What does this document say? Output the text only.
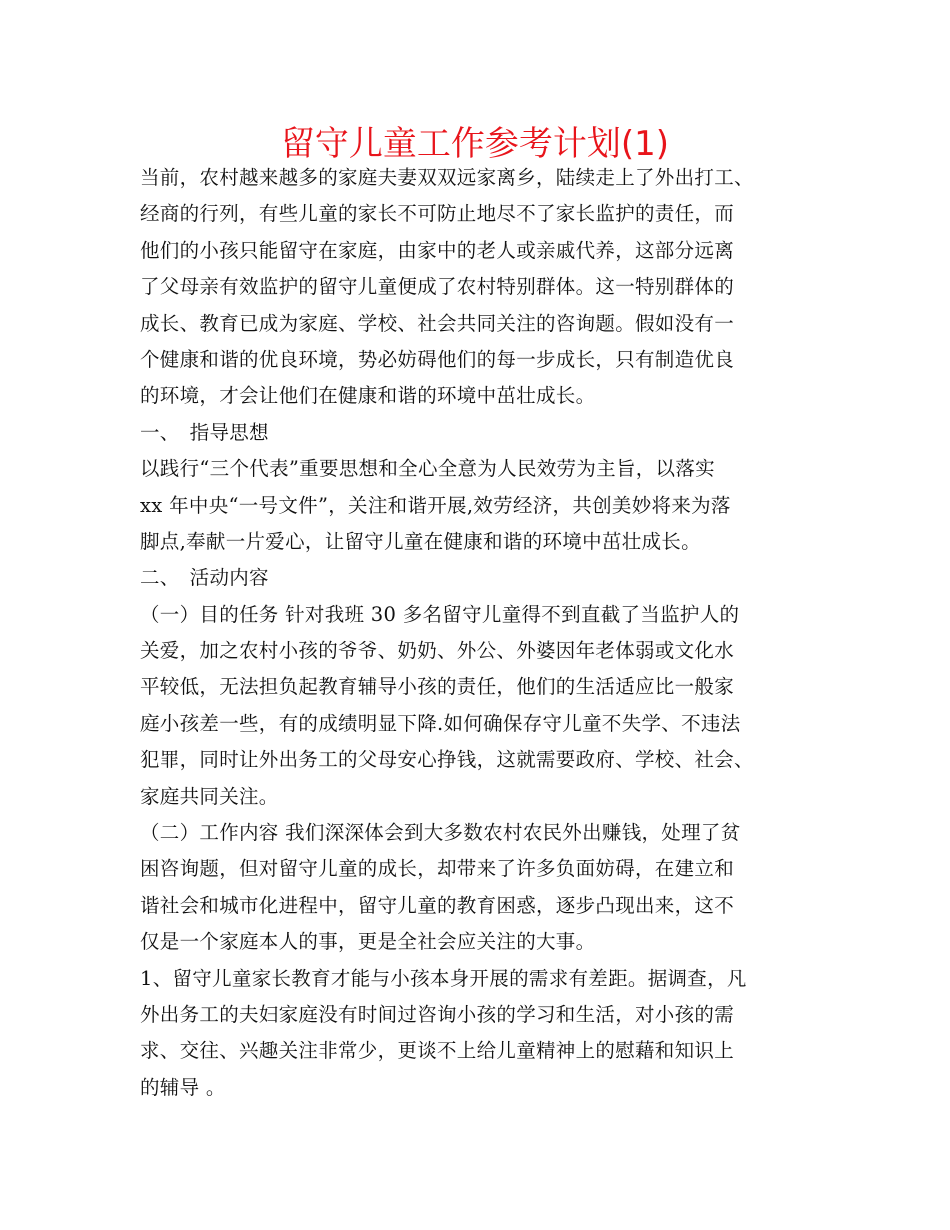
留守儿童工作参考计划(1)
当前，农村越来越多的家庭夫妻双双远家离乡，陆续走上了外出打工、
经商的行列，有些儿童的家长不可防止地尽不了家长监护的责任，而
他们的小孩只能留守在家庭，由家中的老人或亲戚代养，这部分远离
了父母亲有效监护的留守儿童便成了农村特别群体。这一特别群体的
成长、教育已成为家庭、学校、社会共同关注的咨询题。假如没有一
个健康和谐的优良环境，势必妨碍他们的每一步成长，只有制造优良
的环境，才会让他们在健康和谐的环境中茁壮成长。
一、　指导思想
以践行“三个代表”重要思想和全心全意为人民效劳为主旨，以落实
xx 年中央“一号文件”，关注和谐开展,效劳经济，共创美妙将来为落
脚点,奉献一片爱心，让留守儿童在健康和谐的环境中茁壮成长。
二、　活动内容
（一）目的任务 针对我班 30 多名留守儿童得不到直截了当监护人的
关爱，加之农村小孩的爷爷、奶奶、外公、外婆因年老体弱或文化水
平较低，无法担负起教育辅导小孩的责任，他们的生活适应比一般家
庭小孩差一些，有的成绩明显下降.如何确保存守儿童不失学、不违法
犯罪，同时让外出务工的父母安心挣钱，这就需要政府、学校、社会、
家庭共同关注。
（二）工作内容 我们深深体会到大多数农村农民外出赚钱，处理了贫
困咨询题，但对留守儿童的成长，却带来了许多负面妨碍，在建立和
谐社会和城市化进程中，留守儿童的教育困惑，逐步凸现出来，这不
仅是一个家庭本人的事，更是全社会应关注的大事。
1、留守儿童家长教育才能与小孩本身开展的需求有差距。据调查，凡
外出务工的夫妇家庭没有时间过咨询小孩的学习和生活，对小孩的需
求、交往、兴趣关注非常少，更谈不上给儿童精神上的慰藉和知识上
的辅导 。
